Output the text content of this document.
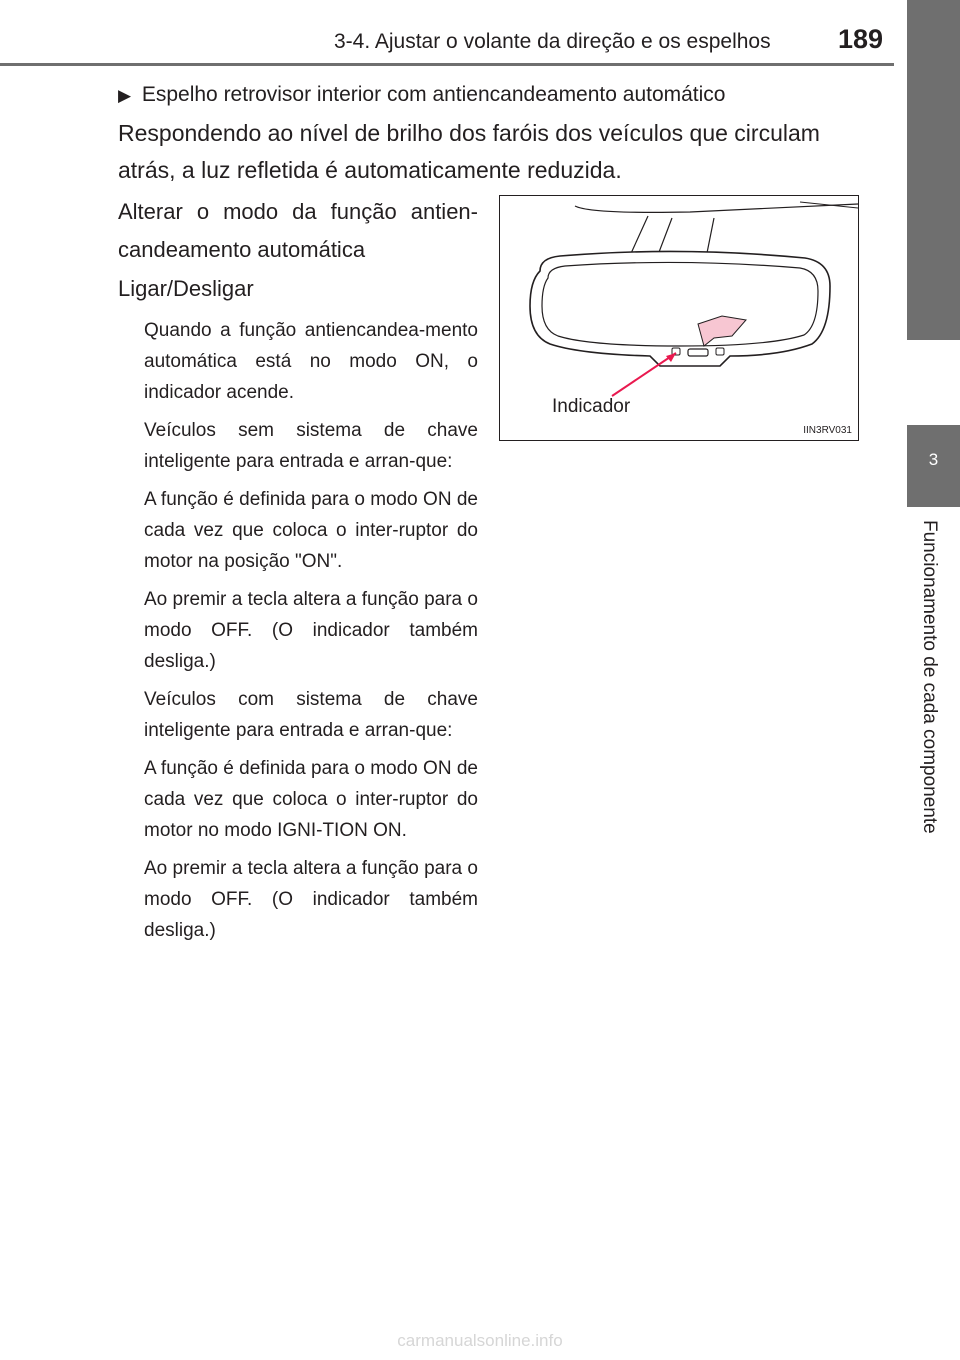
3-4. Ajustar o volante da direção e os espelhos 189
3
Funcionamento de cada componente
▶ Espelho retrovisor interior com antiencandeamento automático

Respondendo ao nível de brilho dos faróis dos veículos que circulam atrás, a luz refletida é automaticamente reduzida.

Alterar o modo da função antien-candeamento automática

Ligar/Desligar

Quando a função antiencandea-mento automática está no modo ON, o indicador acende.

Veículos sem sistema de chave inteligente para entrada e arran-que:

A função é definida para o modo ON de cada vez que coloca o inter-ruptor do motor na posição "ON".

Ao premir a tecla altera a função para o modo OFF. (O indicador também desliga.)

Veículos com sistema de chave inteligente para entrada e arran-que:

A função é definida para o modo ON de cada vez que coloca o inter-ruptor do motor no modo IGNI-TION ON.

Ao premir a tecla altera a função para o modo OFF. (O indicador também desliga.)

Indicador
IIN3RV031
carmanualsonline.info
